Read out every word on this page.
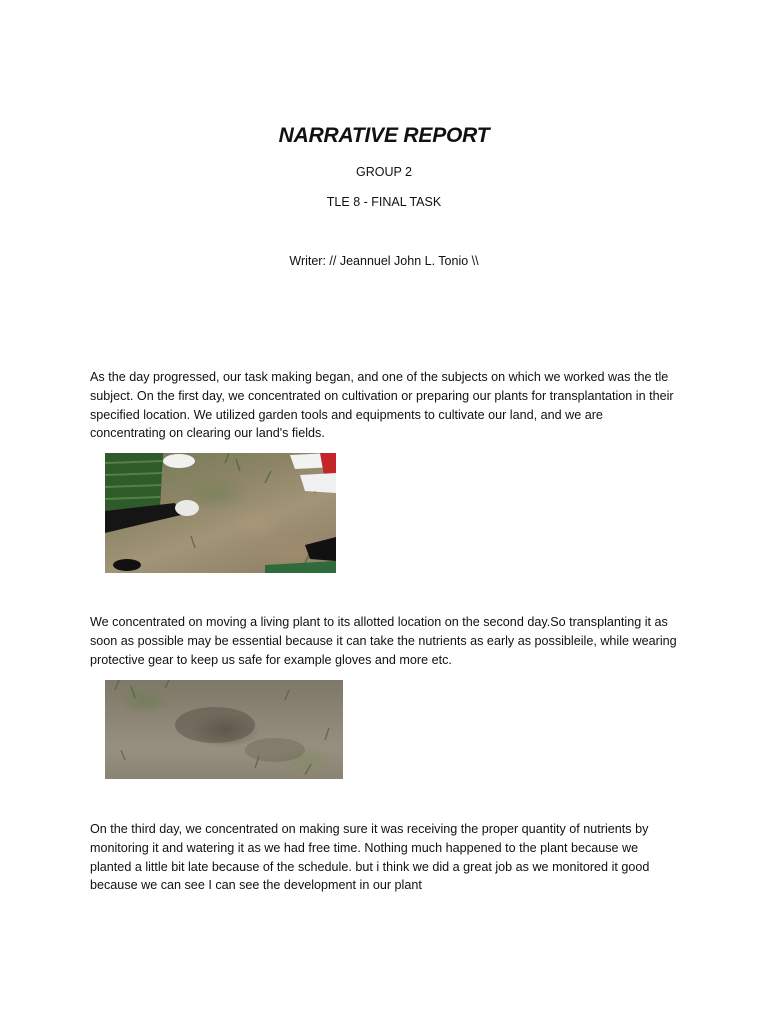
NARRATIVE REPORT
GROUP 2
TLE 8 - FINAL TASK
Writer: // Jeannuel John L. Tonio \\

As the day progressed, our task making began, and one of the subjects on which we worked was the tle subject. On the first day, we concentrated on cultivation or preparing our plants for transplantation in their specified location. We utilized garden tools and equipments to cultivate our land, and we are concentrating on clearing our land's fields.

We concentrated on moving a living plant to its allotted location on the second day.So transplanting it as soon as possible may be essential because it can take the nutrients as early as possibleile, while wearing protective gear to keep us safe for example gloves and more etc.

On the third day, we concentrated on making sure it was receiving the proper quantity of nutrients by monitoring it and watering it as we had free time. Nothing much happened to the plant because we planted a little bit late because of the schedule. but i think we did a great job as we monitored it good because we can see I can see the development in our plant
